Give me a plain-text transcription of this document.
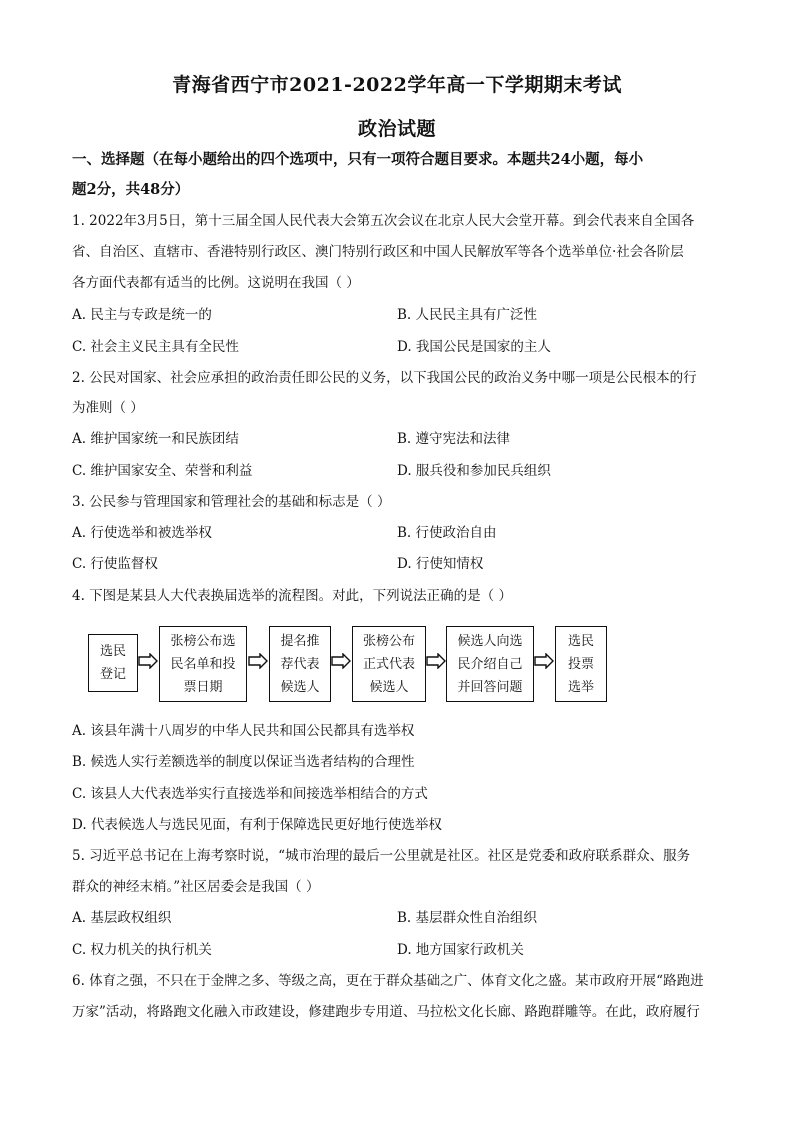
青海省西宁市2021-2022学年高一下学期期末考试
政治试题
一、选择题（在每小题给出的四个选项中，只有一项符合题目要求。本题共24小题，每小
题2分，共48分）
1. 2022年3月5日，第十三届全国人民代表大会第五次会议在北京人民大会堂开幕。到会代表来自全国各
省、自治区、直辖市、香港特别行政区、澳门特别行政区和中国人民解放军等各个选举单位·社会各阶层
各方面代表都有适当的比例。这说明在我国（ ）
A. 民主与专政是统一的	B. 人民民主具有广泛性
C. 社会主义民主具有全民性	D. 我国公民是国家的主人
2. 公民对国家、社会应承担的政治责任即公民的义务，以下我国公民的政治义务中哪一项是公民根本的行
为准则（ ）
A. 维护国家统一和民族团结	B. 遵守宪法和法律
C. 维护国家安全、荣誉和利益	D. 服兵役和参加民兵组织
3. 公民参与管理国家和管理社会的基础和标志是（ ）
A. 行使选举和被选举权	B. 行使政治自由
C. 行使监督权	D. 行使知情权
4. 下图是某县人大代表换届选举的流程图。对此，下列说法正确的是（ ）
选民
登记
张榜公布选
民名单和投
票日期
提名推
荐代表
候选人
张榜公布
正式代表
候选人
候选人向选
民介绍自己
并回答问题
选民
投票
选举
A. 该县年满十八周岁的中华人民共和国公民都具有选举权
B. 候选人实行差额选举的制度以保证当选者结构的合理性
C. 该县人大代表选举实行直接选举和间接选举相结合的方式
D. 代表候选人与选民见面，有利于保障选民更好地行使选举权
5. 习近平总书记在上海考察时说，“城市治理的最后一公里就是社区。社区是党委和政府联系群众、服务
群众的神经末梢。”社区居委会是我国（ ）
A. 基层政权组织	B. 基层群众性自治组织
C. 权力机关的执行机关	D. 地方国家行政机关
6. 体育之强，不只在于金牌之多、等级之高，更在于群众基础之广、体育文化之盛。某市政府开展“路跑进
万家”活动，将路跑文化融入市政建设，修建跑步专用道、马拉松文化长廊、路跑群雕等。在此，政府履行
